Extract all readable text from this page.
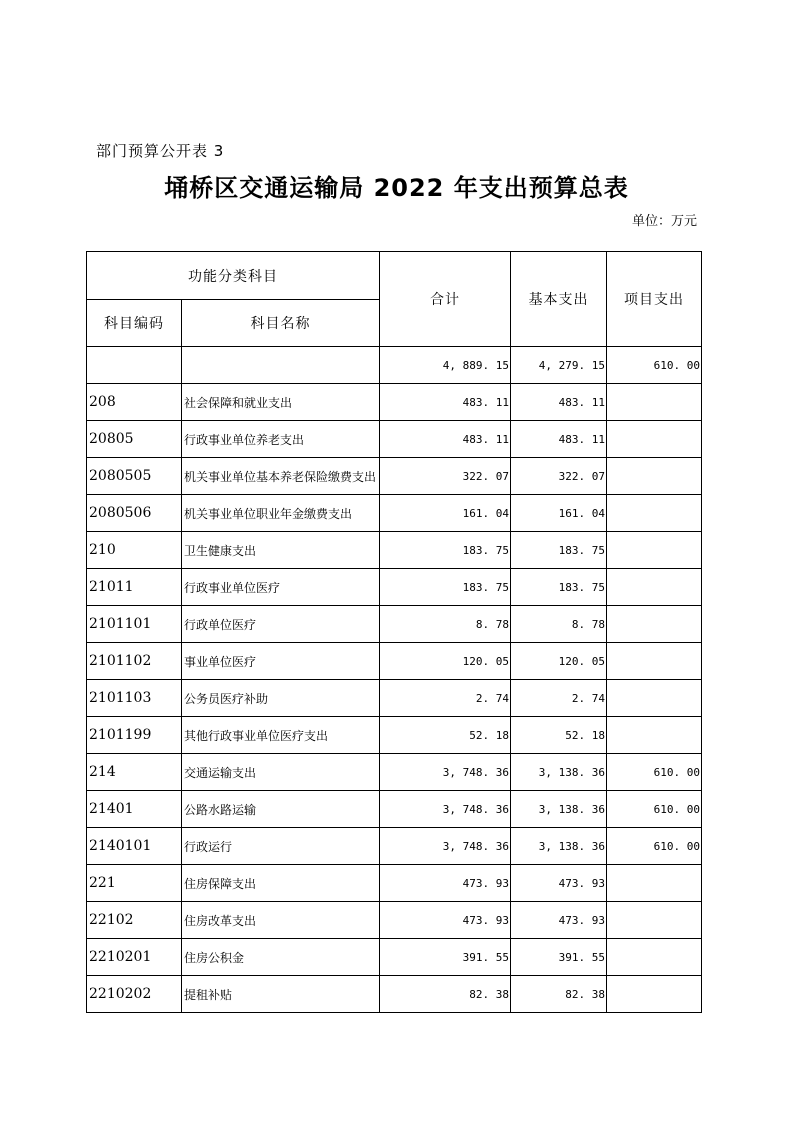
部门预算公开表 3
埇桥区交通运输局 2022 年支出预算总表
单位：万元
功能分类科目		合计	基本支出	项目支出
科目编码	科目名称			
		4, 889. 15	4, 279. 15	610. 00
208	社会保障和就业支出	483. 11	483. 11	
20805	行政事业单位养老支出	483. 11	483. 11	
2080505	机关事业单位基本养老保险缴费支出	322. 07	322. 07	
2080506	机关事业单位职业年金缴费支出	161. 04	161. 04	
210	卫生健康支出	183. 75	183. 75	
21011	行政事业单位医疗	183. 75	183. 75	
2101101	行政单位医疗	8. 78	8. 78	
2101102	事业单位医疗	120. 05	120. 05	
2101103	公务员医疗补助	2. 74	2. 74	
2101199	其他行政事业单位医疗支出	52. 18	52. 18	
214	交通运输支出	3, 748. 36	3, 138. 36	610. 00
21401	公路水路运输	3, 748. 36	3, 138. 36	610. 00
2140101	行政运行	3, 748. 36	3, 138. 36	610. 00
221	住房保障支出	473. 93	473. 93	
22102	住房改革支出	473. 93	473. 93	
2210201	住房公积金	391. 55	391. 55	
2210202	提租补贴	82. 38	82. 38	
